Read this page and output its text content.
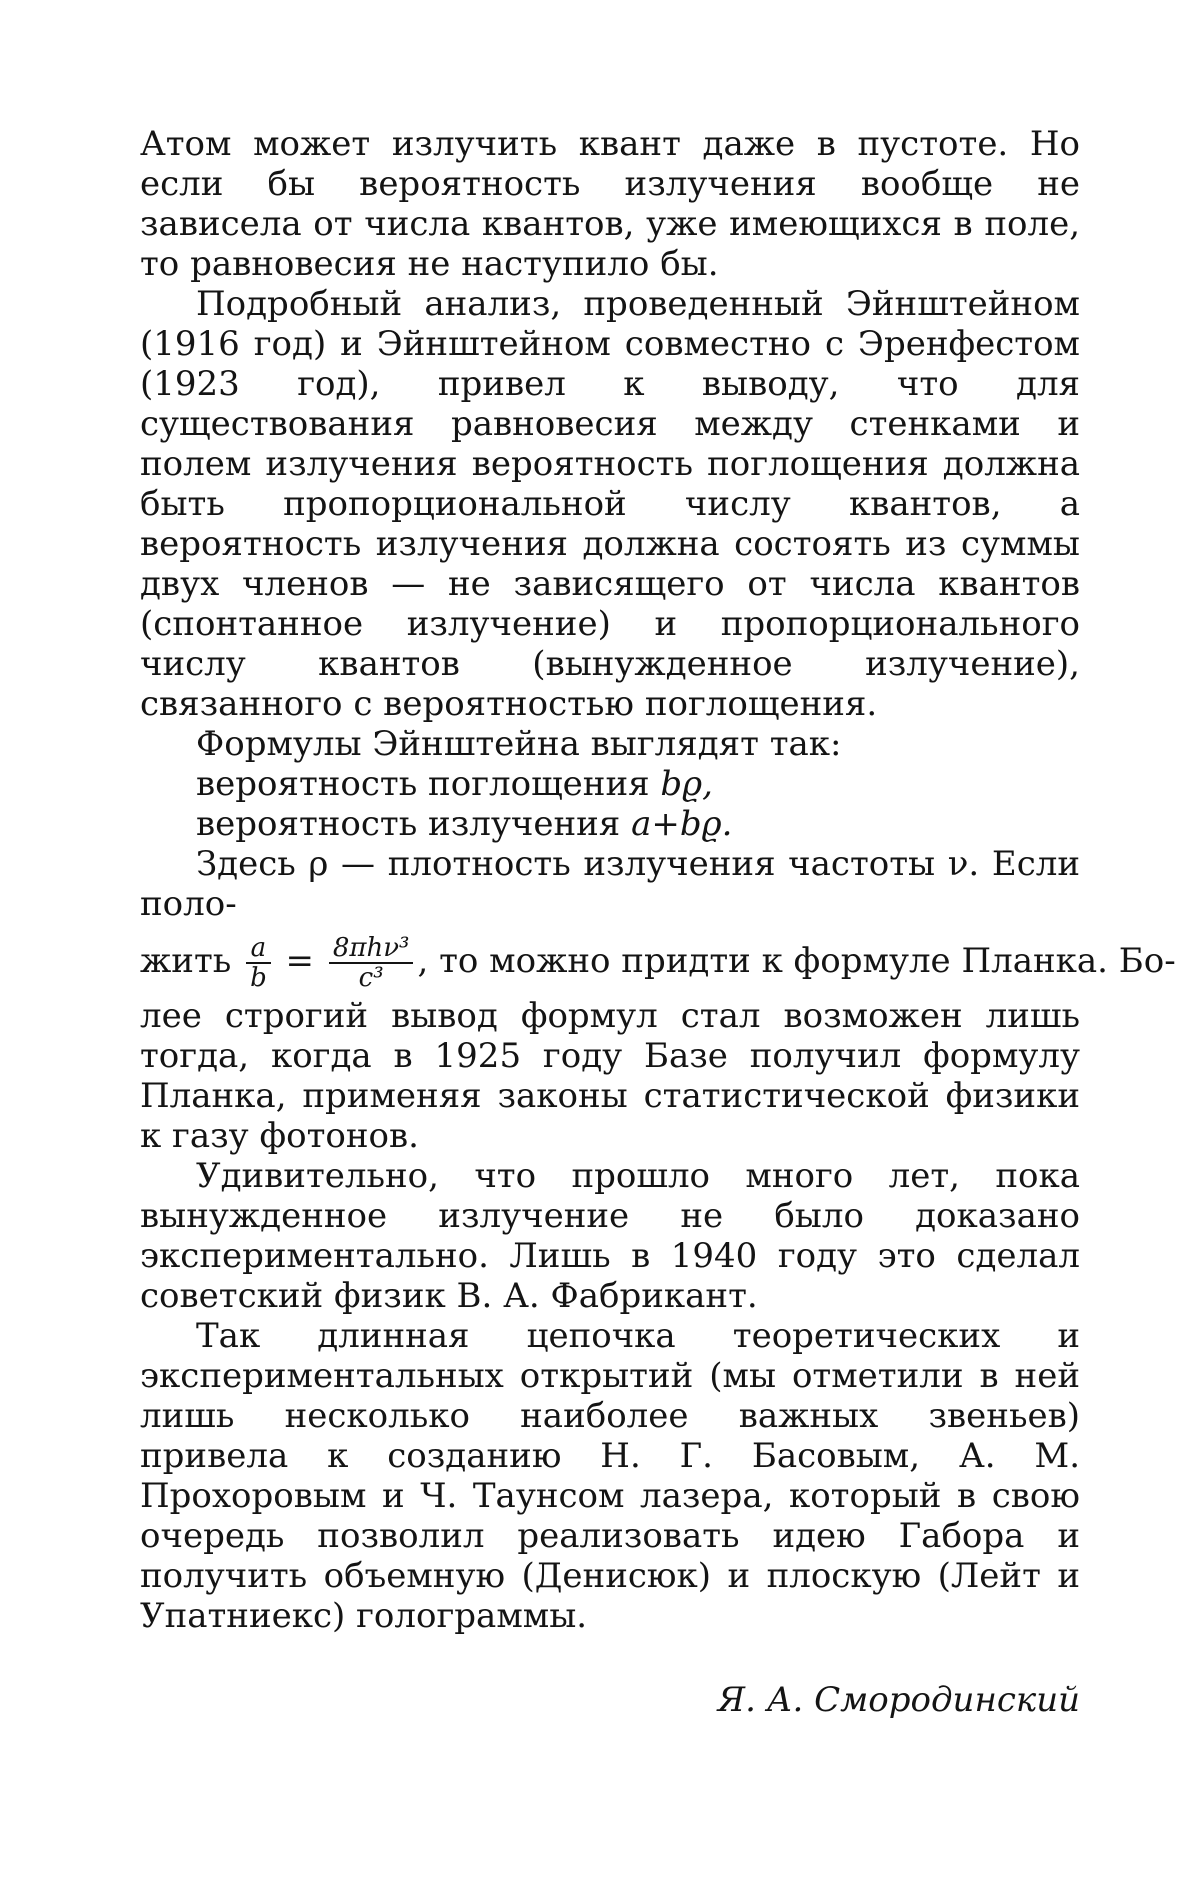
Атом может излучить квант даже в пустоте. Но если бы вероятность излучения вообще не зависела от числа квантов, уже имеющихся в поле, то равновесия не наступило бы.

Подробный анализ, проведенный Эйнштейном (1916 год) и Эйнштейном совместно с Эренфестом (1923 год), привел к выводу, что для существования равновесия между стенками и полем излучения вероятность поглощения должна быть пропорциональной числу квантов, а вероятность излучения должна состоять из суммы двух членов — не зависящего от числа квантов (спонтанное излучение) и пропорционального числу квантов (вынужденное излучение), связанного с вероятностью поглощения.

Формулы Эйнштейна выглядят так:

вероятность поглощения bϱ,
вероятность излучения a+bϱ.

Здесь ρ — плотность излучения частоты ν. Если поло-

жить a
b = 8πhν³
c³ , то можно придти к формуле Планка. Бо-

лее строгий вывод формул стал возможен лишь тогда, когда в 1925 году Базе получил формулу Планка, применяя законы статистической физики к газу фотонов.

Удивительно, что прошло много лет, пока вынужденное излучение не было доказано экспериментально. Лишь в 1940 году это сделал советский физик В. А. Фабрикант.

Так длинная цепочка теоретических и экспериментальных открытий (мы отметили в ней лишь несколько наиболее важных звеньев) привела к созданию Н. Г. Басовым, А. М. Прохоровым и Ч. Таунсом лазера, который в свою очередь позволил реализовать идею Габора и получить объемную (Денисюк) и плоскую (Лейт и Упатниекс) голограммы.

Я. А. Смородинский
